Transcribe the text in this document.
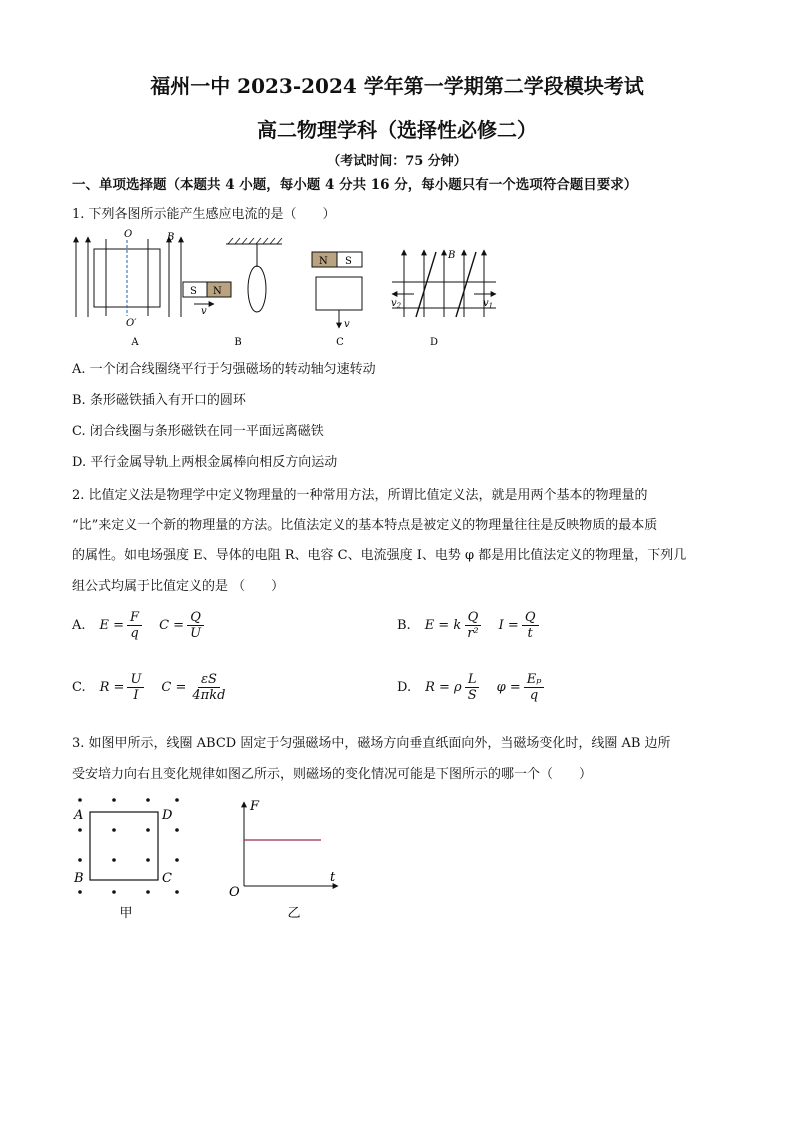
福州一中 2023-2024 学年第一学期第二学段模块考试
高二物理学科（选择性必修二）
（考试时间：75 分钟）
一、单项选择题（本题共 4 小题，每小题 4 分共 16 分，每小题只有一个选项符合题目要求）
1. 下列各图所示能产生感应电流的是（　　）
O
O′
B
S N
v
N S
v
B
$v_2$	$v_1$
A	B	C	D
A. 一个闭合线圈绕平行于匀强磁场的转动轴匀速转动
B. 条形磁铁插入有开口的圆环
C. 闭合线圈与条形磁铁在同一平面远离磁铁
D. 平行金属导轨上两根金属棒向相反方向运动
2. 比值定义法是物理学中定义物理量的一种常用方法，所谓比值定义法，就是用两个基本的物理量的
“比”来定义一个新的物理量的方法。比值法定义的基本特点是被定义的物理量往往是反映物质的最本质
的属性。如电场强度 E、导体的电阻 R、电容 C、电流强度 I、电势 φ 都是用比值法定义的物理量，下列几
组公式均属于比值定义的是 （　　）
A. $E = \frac{F}{q}$ $C = \frac{Q}{U}$	B. E = k $\frac{Q}{\text{r²}}$ $I = \frac{Q}{t}$
C. $R = \frac{U}{I}$ $C = \frac{\varepsilon S}{\text{4πkd}}$	D. R = ρ $\frac{L}{S}$ $\varphi = \frac{\text{Eₚ}}{q}$
3. 如图甲所示，线圈 ABCD 固定于匀强磁场中，磁场方向垂直纸面向外，当磁场变化时，线圈 AB 边所
受安培力向右且变化规律如图乙所示，则磁场的变化情况可能是下图所示的哪一个（　　）
A	D
B	C
甲
F
t
O
乙
